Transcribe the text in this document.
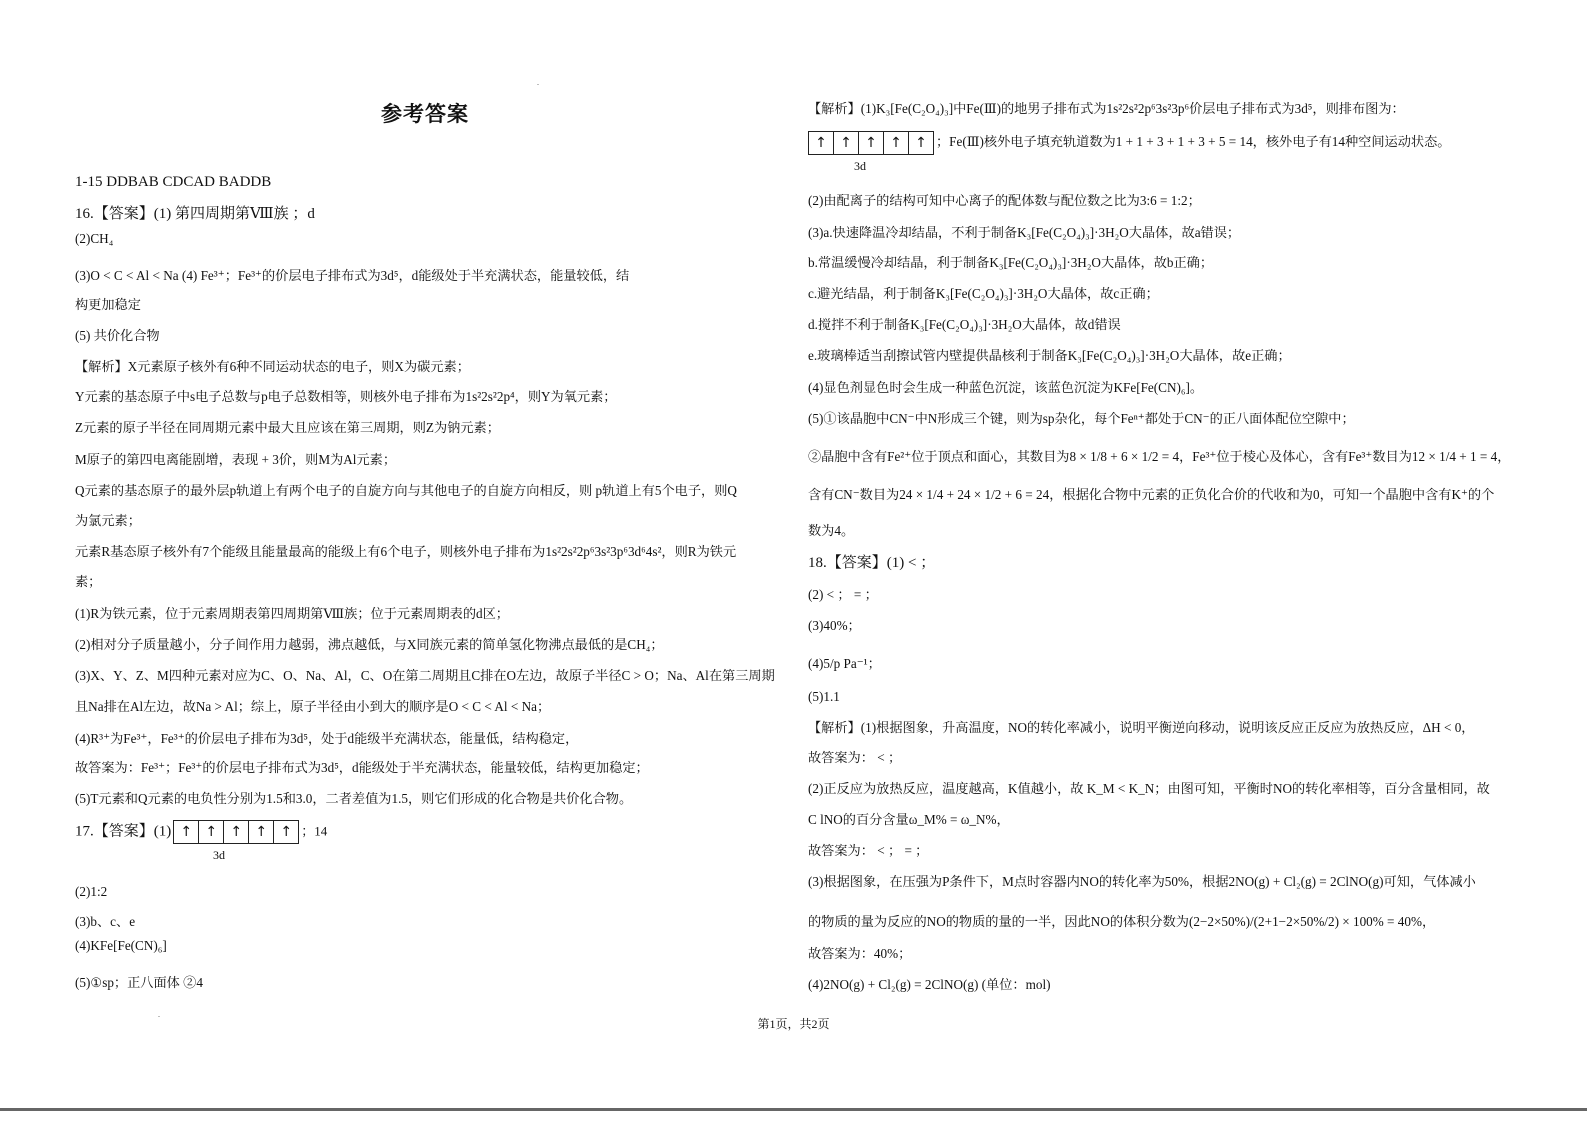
.
.
参考答案
1-15 DDBAB CDCAD BADDB
16.【答案】(1) 第四周期第Ⅷ族 ；d
(2)CH₄
(3)O < C < Al < Na (4) Fe³⁺；Fe³⁺的价层电子排布式为3d⁵，d能级处于半充满状态，能量较低，结
构更加稳定
(5) 共价化合物
【解析】X元素原子核外有6种不同运动状态的电子，则X为碳元素；
Y元素的基态原子中s电子总数与p电子总数相等，则核外电子排布为1s²2s²2p⁴，则Y为氧元素；
Z元素的原子半径在同周期元素中最大且应该在第三周期，则Z为钠元素；
M原子的第四电离能剧增，表现 + 3价，则M为Al元素；
Q元素的基态原子的最外层p轨道上有两个电子的自旋方向与其他电子的自旋方向相反，则 p轨道上有5个电子，则Q
为氯元素；
元素R基态原子核外有7个能级且能量最高的能级上有6个电子，则核外电子排布为1s²2s²2p⁶3s²3p⁶3d⁶4s²，则R为铁元
素；
(1)R为铁元素，位于元素周期表第四周期第Ⅷ族；位于元素周期表的d区；
(2)相对分子质量越小，分子间作用力越弱，沸点越低，与X同族元素的简单氢化物沸点最低的是CH₄；
(3)X、Y、Z、M四种元素对应为C、O、Na、Al，C、O在第二周期且C排在O左边，故原子半径C > O；Na、Al在第三周期
且Na排在Al左边，故Na > Al；综上，原子半径由小到大的顺序是O < C < Al < Na；
(4)R³⁺为Fe³⁺，Fe³⁺的价层电子排布为3d⁵，处于d能级半充满状态，能量低，结构稳定，
故答案为：Fe³⁺；Fe³⁺的价层电子排布式为3d⁵，d能级处于半充满状态，能量较低，结构更加稳定；
(5)T元素和Q元素的电负性分别为1.5和3.0，二者差值为1.5，则它们形成的化合物是共价化合物。
(2)1:2
(3)b、c、e
(4)KFe[Fe(CN)₆]
(5)①sp；正八面体 ②4
17.【答案】(1) ↑ ↑ ↑ ↑ ↑ ；14
3d
【解析】(1)K₃[Fe(C₂O₄)₃]中Fe(Ⅲ)的地男子排布式为1s²2s²2p⁶3s²3p⁶价层电子排布式为3d⁵，则排布图为：
(2)由配离子的结构可知中心离子的配体数与配位数之比为3:6 = 1:2；
(3)a.快速降温冷却结晶，不利于制备K₃[Fe(C₂O₄)₃]·3H₂O大晶体，故a错误；
b.常温缓慢冷却结晶，利于制备K₃[Fe(C₂O₄)₃]·3H₂O大晶体，故b正确；
c.避光结晶，利于制备K₃[Fe(C₂O₄)₃]·3H₂O大晶体，故c正确；
d.搅拌不利于制备K₃[Fe(C₂O₄)₃]·3H₂O大晶体，故d错误
e.玻璃棒适当刮擦试管内壁提供晶核利于制备K₃[Fe(C₂O₄)₃]·3H₂O大晶体，故e正确；
(4)显色剂显色时会生成一种蓝色沉淀，该蓝色沉淀为KFe[Fe(CN)₆]。
(5)①该晶胞中CN⁻中N形成三个键，则为sp杂化，每个Feⁿ⁺都处于CN⁻的正八面体配位空隙中；
②晶胞中含有Fe²⁺位于顶点和面心，其数目为8 × 1/8 + 6 × 1/2 = 4，Fe³⁺位于棱心及体心，含有Fe³⁺数目为12 × 1/4 + 1 = 4，
含有CN⁻数目为24 × 1/4 + 24 × 1/2 + 6 = 24，根据化合物中元素的正负化合价的代收和为0，可知一个晶胞中含有K⁺的个
数为4。
18.【答案】(1) < ；
(2) < ； = ；
(3)40%；
(4)5/p Pa⁻¹；
(5)1.1
【解析】(1)根据图象，升高温度，NO的转化率减小，说明平衡逆向移动，说明该反应正反应为放热反应，ΔH < 0，
故答案为： < ；
(2)正反应为放热反应，温度越高，K值越小，故 K_M < K_N；由图可知，平衡时NO的转化率相等，百分含量相同，故
C lNO的百分含量ω_M% = ω_N%，
故答案为： < ； = ；
(3)根据图象，在压强为P条件下，M点时容器内NO的转化率为50%，根据2NO(g) + Cl₂(g) = 2ClNO(g)可知，气体减小
的物质的量为反应的NO的物质的量的一半，因此NO的体积分数为(2−2×50%)/(2+1−2×50%/2) × 100% = 40%，
故答案为：40%；
(4)2NO(g) + Cl₂(g) = 2ClNO(g) (单位：mol)
↑ ↑ ↑ ↑ ↑ ；Fe(Ⅲ)核外电子填充轨道数为1 + 1 + 3 + 1 + 3 + 5 = 14，核外电子有14种空间运动状态。
3d
第1页，共2页
